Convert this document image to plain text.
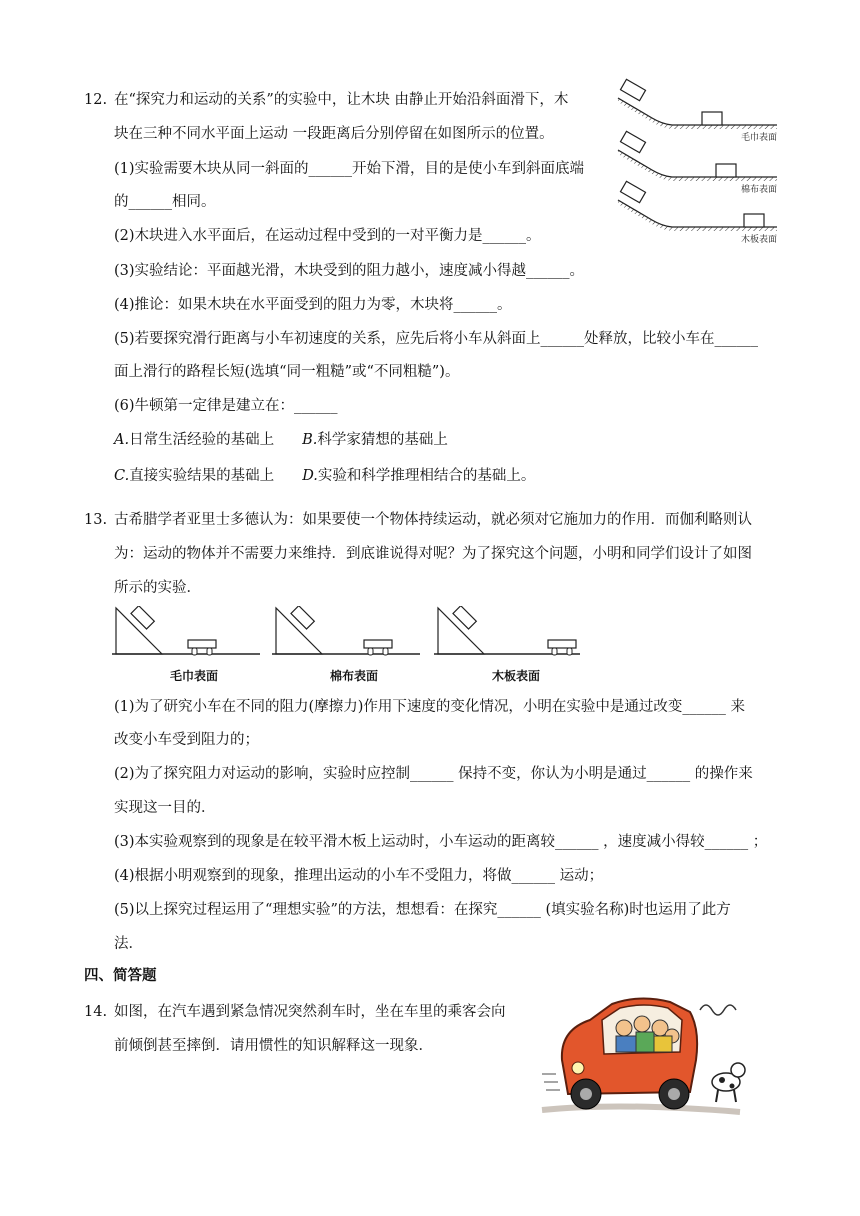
12. 在“探究力和运动的关系”的实验中，让木块 由静止开始沿斜面滑下，木
块在三种不同水平面上运动 一段距离后分别停留在如图所示的位置。
(1)实验需要木块从同一斜面的______开始下滑，目的是使小车到斜面底端
的______相同。
(2)木块进入水平面后，在运动过程中受到的一对平衡力是______。
(3)实验结论：平面越光滑，木块受到的阻力越小，速度减小得越______。
(4)推论：如果木块在水平面受到的阻力为零，木块将______。
(5)若要探究滑行距离与小车初速度的关系，应先后将小车从斜面上______处释放，比较小车在______
面上滑行的路程长短(选填“同一粗糙”或“不同粗糙”)。
(6)牛顿第一定律是建立在：______
A.日常生活经验的基础上 B.科学家猜想的基础上
C.直接实验结果的基础上 D.实验和科学推理相结合的基础上。
毛巾表面
棉布表面
木板表面
13. 古希腊学者亚里士多德认为：如果要使一个物体持续运动，就必须对它施加力的作用．而伽利略则认
为：运动的物体并不需要力来维持．到底谁说得对呢？为了探究这个问题，小明和同学们设计了如图
所示的实验．
毛巾表面	棉布表面	木板表面
(1)为了研究小车在不同的阻力(摩擦力)作用下速度的变化情况，小明在实验中是通过改变______ 来
改变小车受到阻力的；
(2)为了探究阻力对运动的影响，实验时应控制______ 保持不变，你认为小明是通过______ 的操作来
实现这一目的．
(3)本实验观察到的现象是在较平滑木板上运动时，小车运动的距离较______ ，速度减小得较______ ；
(4)根据小明观察到的现象，推理出运动的小车不受阻力，将做______ 运动；
(5)以上探究过程运用了“理想实验”的方法，想想看：在探究______ (填实验名称)时也运用了此方
法．
四、简答题
14. 如图，在汽车遇到紧急情况突然刹车时，坐在车里的乘客会向
前倾倒甚至摔倒．请用惯性的知识解释这一现象．
